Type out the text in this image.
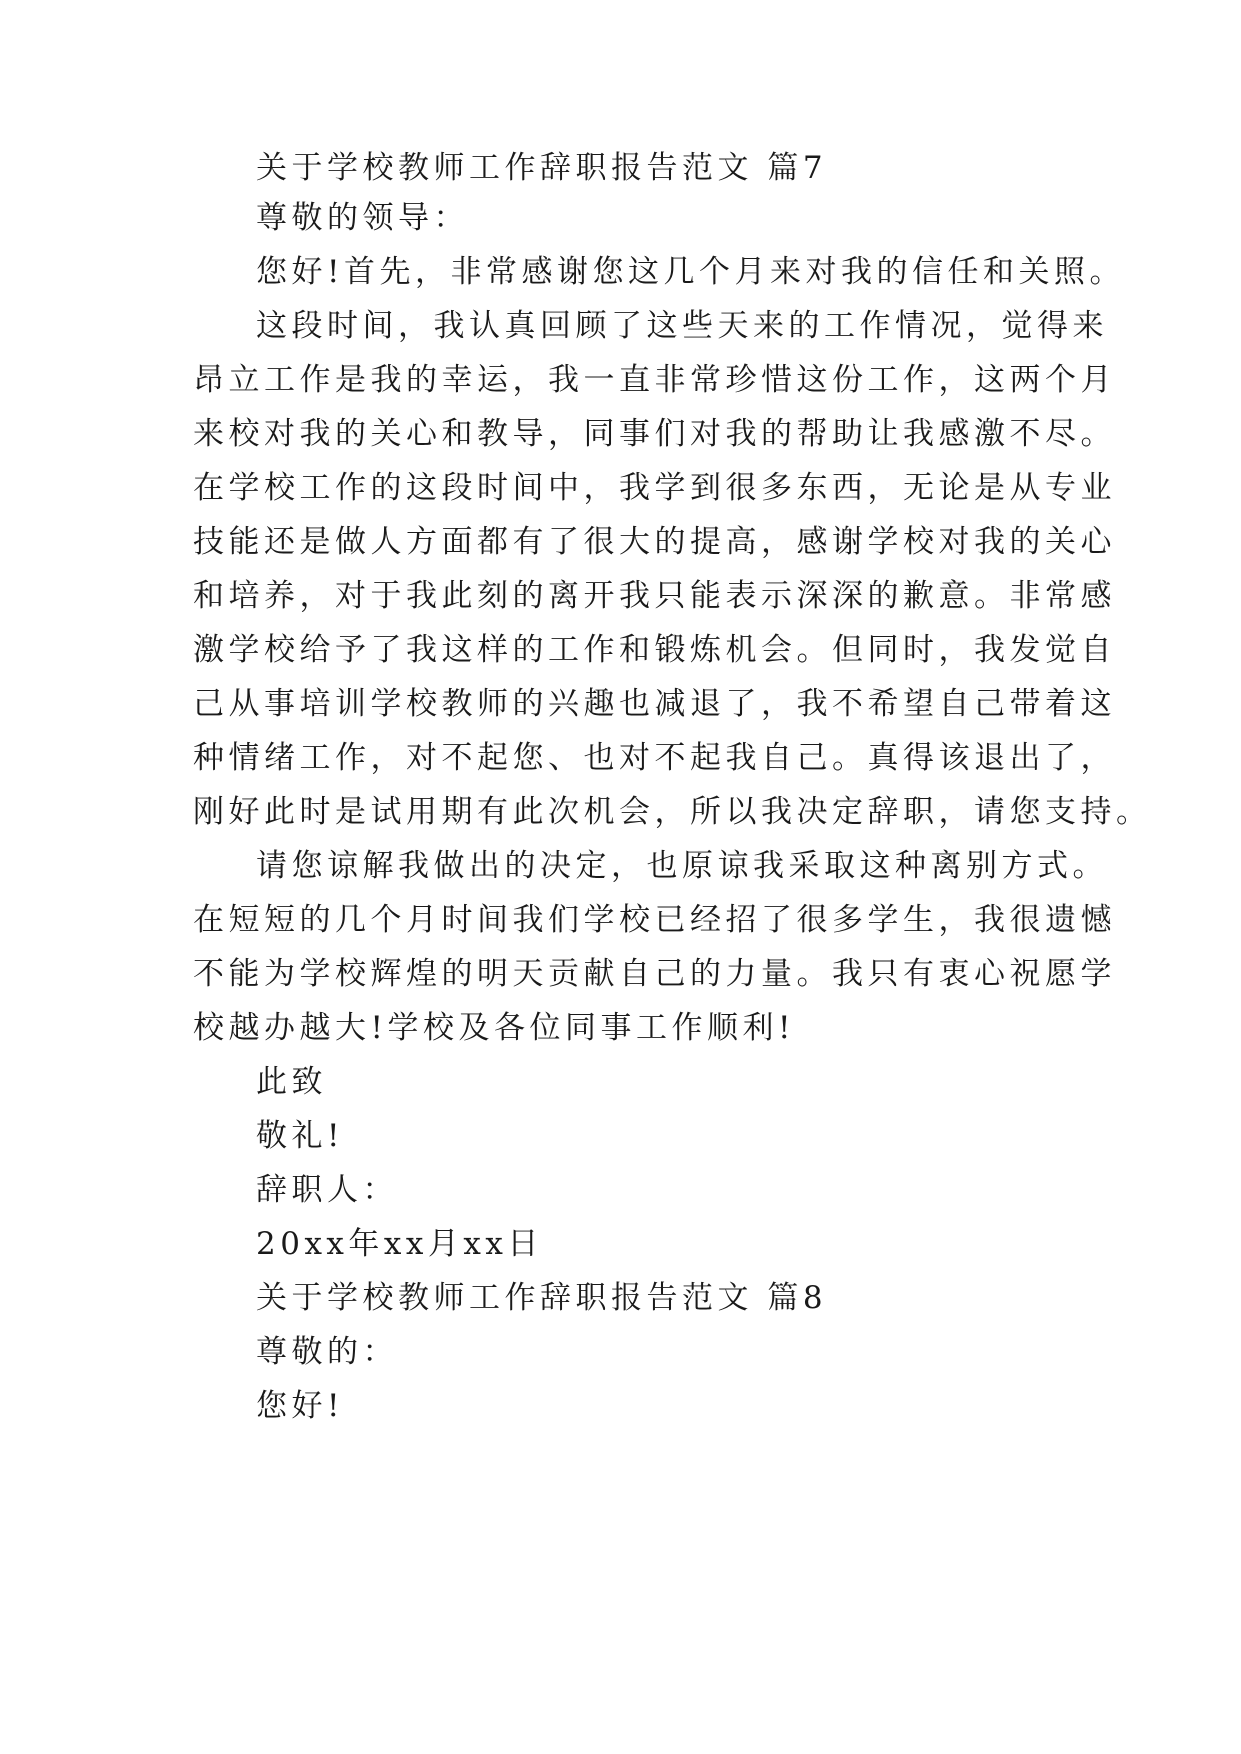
关于学校教师工作辞职报告范文 篇7
尊敬的领导：
您好!首先，非常感谢您这几个月来对我的信任和关照。
这段时间，我认真回顾了这些天来的工作情况，觉得来
昂立工作是我的幸运，我一直非常珍惜这份工作，这两个月
来校对我的关心和教导，同事们对我的帮助让我感激不尽。
在学校工作的这段时间中，我学到很多东西，无论是从专业
技能还是做人方面都有了很大的提高，感谢学校对我的关心
和培养，对于我此刻的离开我只能表示深深的歉意。非常感
激学校给予了我这样的工作和锻炼机会。但同时，我发觉自
己从事培训学校教师的兴趣也减退了，我不希望自己带着这
种情绪工作，对不起您、也对不起我自己。真得该退出了，
刚好此时是试用期有此次机会，所以我决定辞职，请您支持。
请您谅解我做出的决定，也原谅我采取这种离别方式。
在短短的几个月时间我们学校已经招了很多学生，我很遗憾
不能为学校辉煌的明天贡献自己的力量。我只有衷心祝愿学
校越办越大!学校及各位同事工作顺利!
此致
敬礼!
辞职人：
20xx年xx月xx日
关于学校教师工作辞职报告范文 篇8
尊敬的：
您好!
